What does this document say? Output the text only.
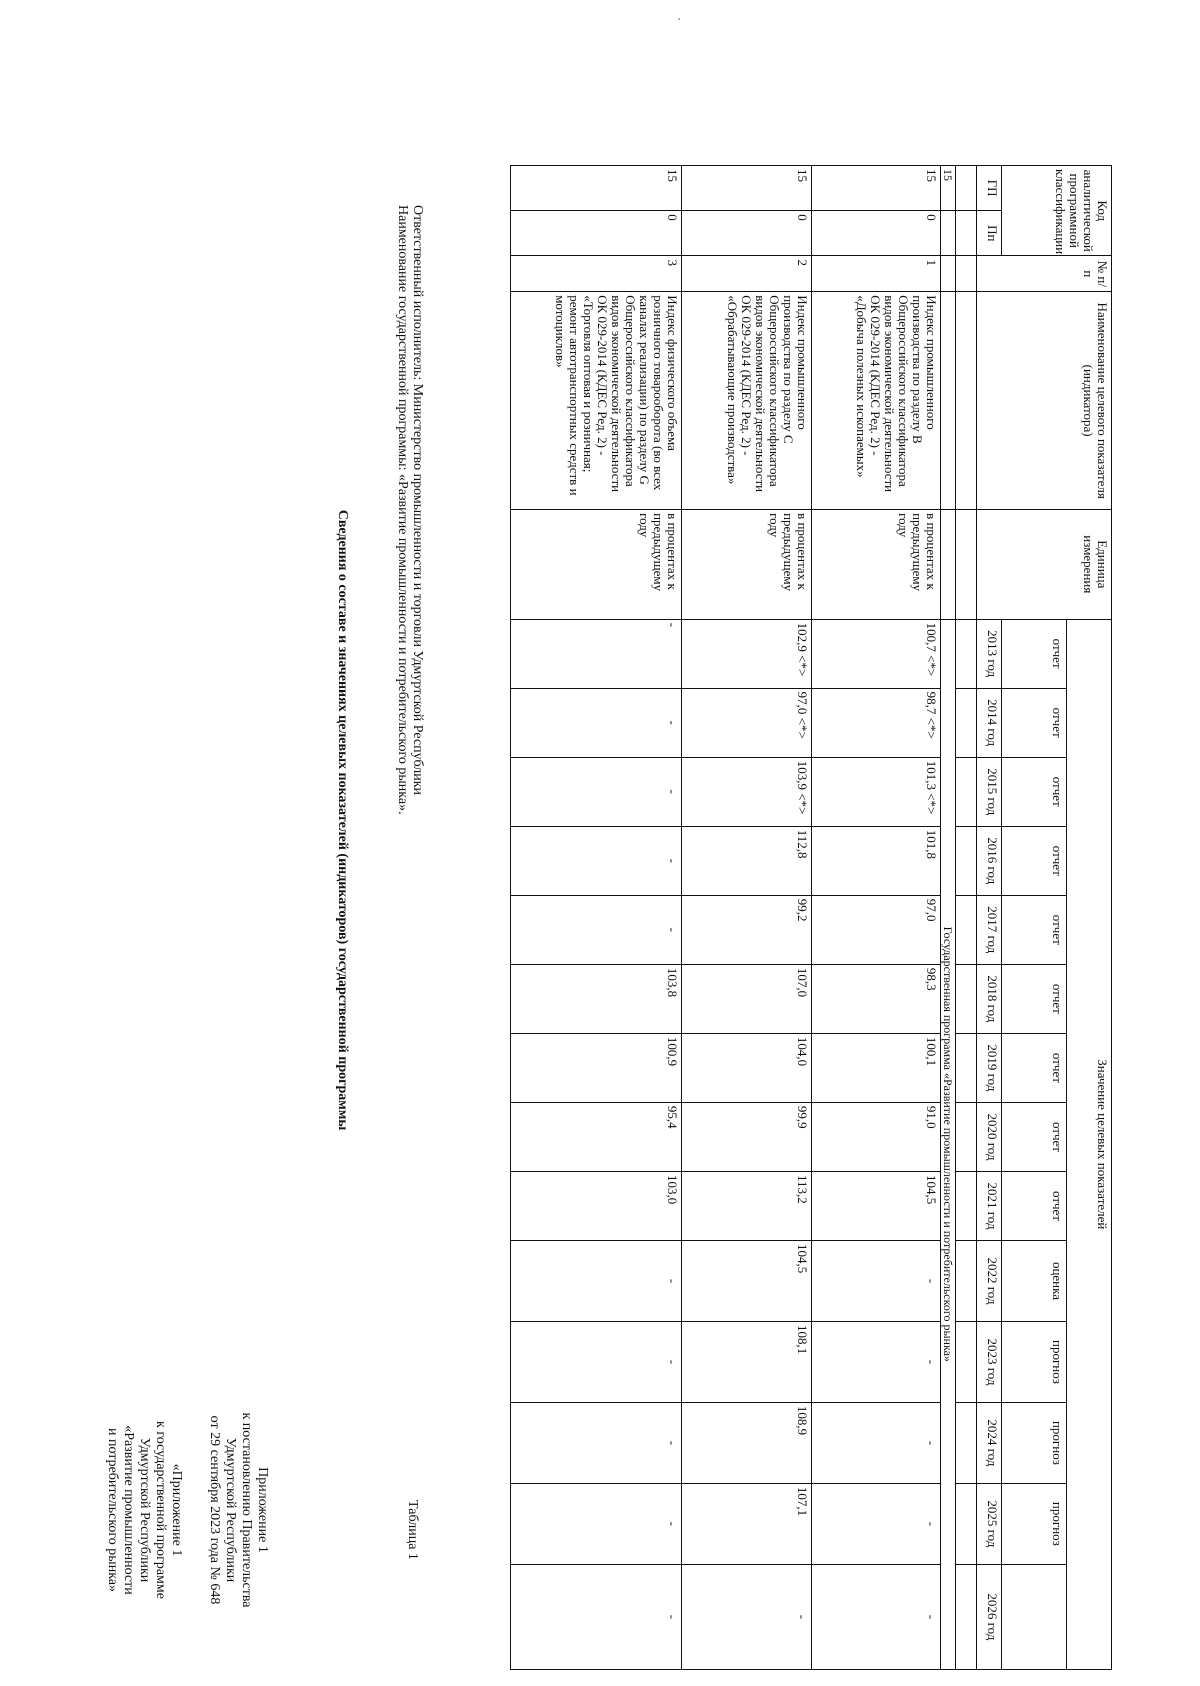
Приложение 1
к постановлению Правительства
Удмуртской Республики
от 29 сентября 2023 года № 648
«Приложение 1
к государственной программе
Удмуртской Республики
«Развитие промышленности
и потребительского рынка»	Таблица 1
Сведения о составе и значениях целевых показателей (индикаторов) государственной программы	Наименование государственной программы: «Развитие промышленности и потребительского рынка». Ответственный исполнитель: Министерство промышленности и торговли Удмуртской Республики	Код аналитической программной классификации		№ п/п	Наименование целевого показателя (индикатора)	Единица измерения	Значение целевых показателей													
					отчет	отчет	отчет	отчет	отчет	отчет	отчет	отчет	отчет	оценка	прогноз	прогноз	прогноз	
ГП	Пп				2013 год	2014 год	2015 год	2016 год	2017 год	2018 год	2019 год	2020 год	2021 год	2022 год	2023 год	2024 год	2025 год	2026 год

15					Государственная программа «Развитие промышленности и потребительского рынка»													
15	0	1	Индекс промышленного производства по разделу B Общероссийского классификатора видов экономической деятельности ОК 029-2014 (КДЕС Ред. 2) - «Добыча полезных ископаемых»	в процентах к предыдущему году	100,7 <*>	98,7 <*>	101,3 <*>	101,8	97,0	98,3	100,1	91,0	104,5	-	-	-	-	-
15	0	2	Индекс промышленного производства по разделу C Общероссийского классификатора видов экономической деятельности ОК 029-2014 (КДЕС Ред. 2) - «Обрабатывающие производства»	в процентах к предыдущему году	102,9 <*>	97,0 <*>	103,9 <*>	112,8	99,2	107,0	104,0	99,9	113,2	104,5	108,1	108,9	107,1	-
15	0	3	Индекс физического объема розничного товарооборота (во всех каналах реализации) по разделу G Общероссийского классификатора видов экономической деятельности ОК 029-2014 (КДЕС Ред. 2) - «Торговля оптовая и розничная; ремонт автотранспортных средств и мотоциклов»	в процентах к предыдущему году	-	-	-	-	-	103,8	100,9	95,4	103,0	-	-	-	-	-
